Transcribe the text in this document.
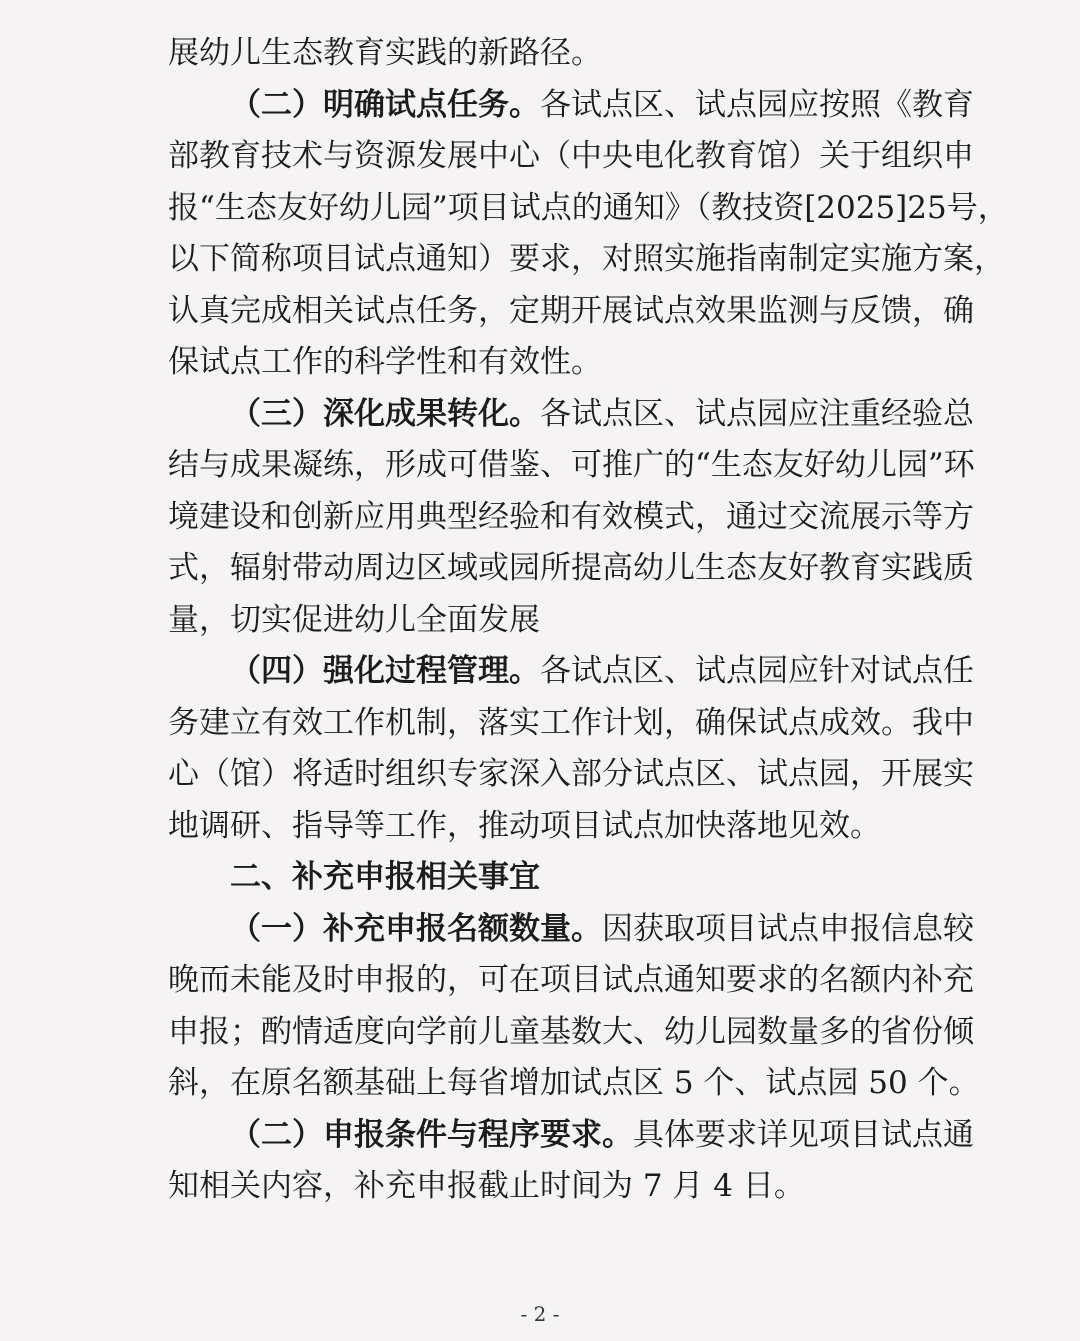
展幼儿生态教育实践的新路径。
（二）明确试点任务。各试点区、试点园应按照《教育
部教育技术与资源发展中心（中央电化教育馆）关于组织申
报“生态友好幼儿园”项目试点的通知》（教技资[2025]25号，
以下简称项目试点通知）要求，对照实施指南制定实施方案，
认真完成相关试点任务，定期开展试点效果监测与反馈，确
保试点工作的科学性和有效性。
（三）深化成果转化。各试点区、试点园应注重经验总
结与成果凝练，形成可借鉴、可推广的“生态友好幼儿园”环
境建设和创新应用典型经验和有效模式，通过交流展示等方
式，辐射带动周边区域或园所提高幼儿生态友好教育实践质
量，切实促进幼儿全面发展
（四）强化过程管理。各试点区、试点园应针对试点任
务建立有效工作机制，落实工作计划，确保试点成效。我中
心（馆）将适时组织专家深入部分试点区、试点园，开展实
地调研、指导等工作，推动项目试点加快落地见效。
二、补充申报相关事宜
（一）补充申报名额数量。因获取项目试点申报信息较
晚而未能及时申报的，可在项目试点通知要求的名额内补充
申报；酌情适度向学前儿童基数大、幼儿园数量多的省份倾
斜，在原名额基础上每省增加试点区 5 个、试点园 50 个。
（二）申报条件与程序要求。具体要求详见项目试点通
知相关内容，补充申报截止时间为 7 月 4 日。
- 2 -
